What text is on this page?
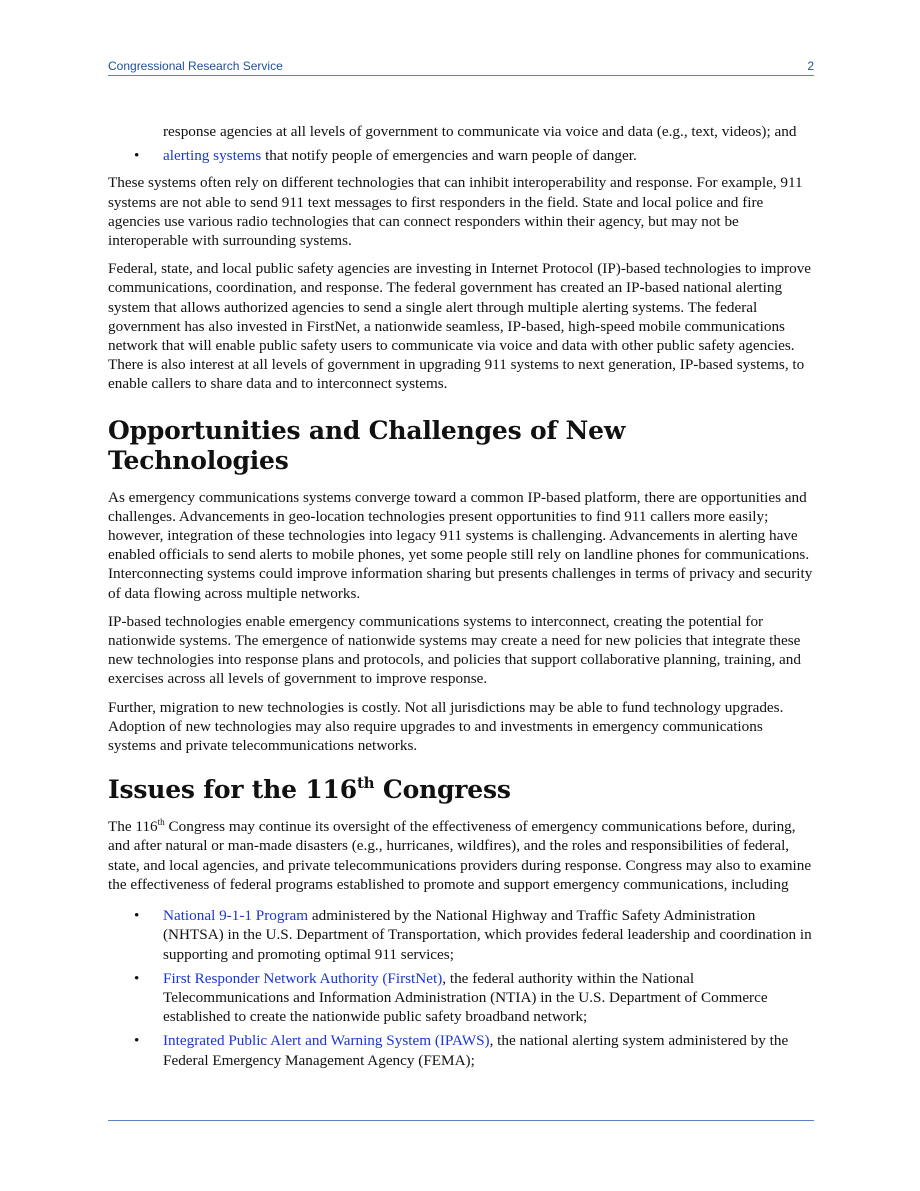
Congressional Research Service	2

response agencies at all levels of government to communicate via voice and data (e.g., text, videos); and

• alerting systems that notify people of emergencies and warn people of danger.

These systems often rely on different technologies that can inhibit interoperability and response. For example, 911 systems are not able to send 911 text messages to first responders in the field. State and local police and fire agencies use various radio technologies that can connect responders within their agency, but may not be interoperable with surrounding systems.

Federal, state, and local public safety agencies are investing in Internet Protocol (IP)-based technologies to improve communications, coordination, and response. The federal government has created an IP-based national alerting system that allows authorized agencies to send a single alert through multiple alerting systems. The federal government has also invested in FirstNet, a nationwide seamless, IP-based, high-speed mobile communications network that will enable public safety users to communicate via voice and data with other public safety agencies. There is also interest at all levels of government in upgrading 911 systems to next generation, IP-based systems, to enable callers to share data and to interconnect systems.

Opportunities and Challenges of New Technologies

As emergency communications systems converge toward a common IP-based platform, there are opportunities and challenges. Advancements in geo-location technologies present opportunities to find 911 callers more easily; however, integration of these technologies into legacy 911 systems is challenging. Advancements in alerting have enabled officials to send alerts to mobile phones, yet some people still rely on landline phones for communications. Interconnecting systems could improve information sharing but presents challenges in terms of privacy and security of data flowing across multiple networks.

IP-based technologies enable emergency communications systems to interconnect, creating the potential for nationwide systems. The emergence of nationwide systems may create a need for new policies that integrate these new technologies into response plans and protocols, and policies that support collaborative planning, training, and exercises across all levels of government to improve response.

Further, migration to new technologies is costly. Not all jurisdictions may be able to fund technology upgrades. Adoption of new technologies may also require upgrades to and investments in emergency communications systems and private telecommunications networks.

Issues for the 116th Congress

The 116th Congress may continue its oversight of the effectiveness of emergency communications before, during, and after natural or man-made disasters (e.g., hurricanes, wildfires), and the roles and responsibilities of federal, state, and local agencies, and private telecommunications providers during response. Congress may also to examine the effectiveness of federal programs established to promote and support emergency communications, including

• National 9-1-1 Program administered by the National Highway and Traffic Safety Administration (NHTSA) in the U.S. Department of Transportation, which provides federal leadership and coordination in supporting and promoting optimal 911 services;
• First Responder Network Authority (FirstNet), the federal authority within the National Telecommunications and Information Administration (NTIA) in the U.S. Department of Commerce established to create the nationwide public safety broadband network;
• Integrated Public Alert and Warning System (IPAWS), the national alerting system administered by the Federal Emergency Management Agency (FEMA);
